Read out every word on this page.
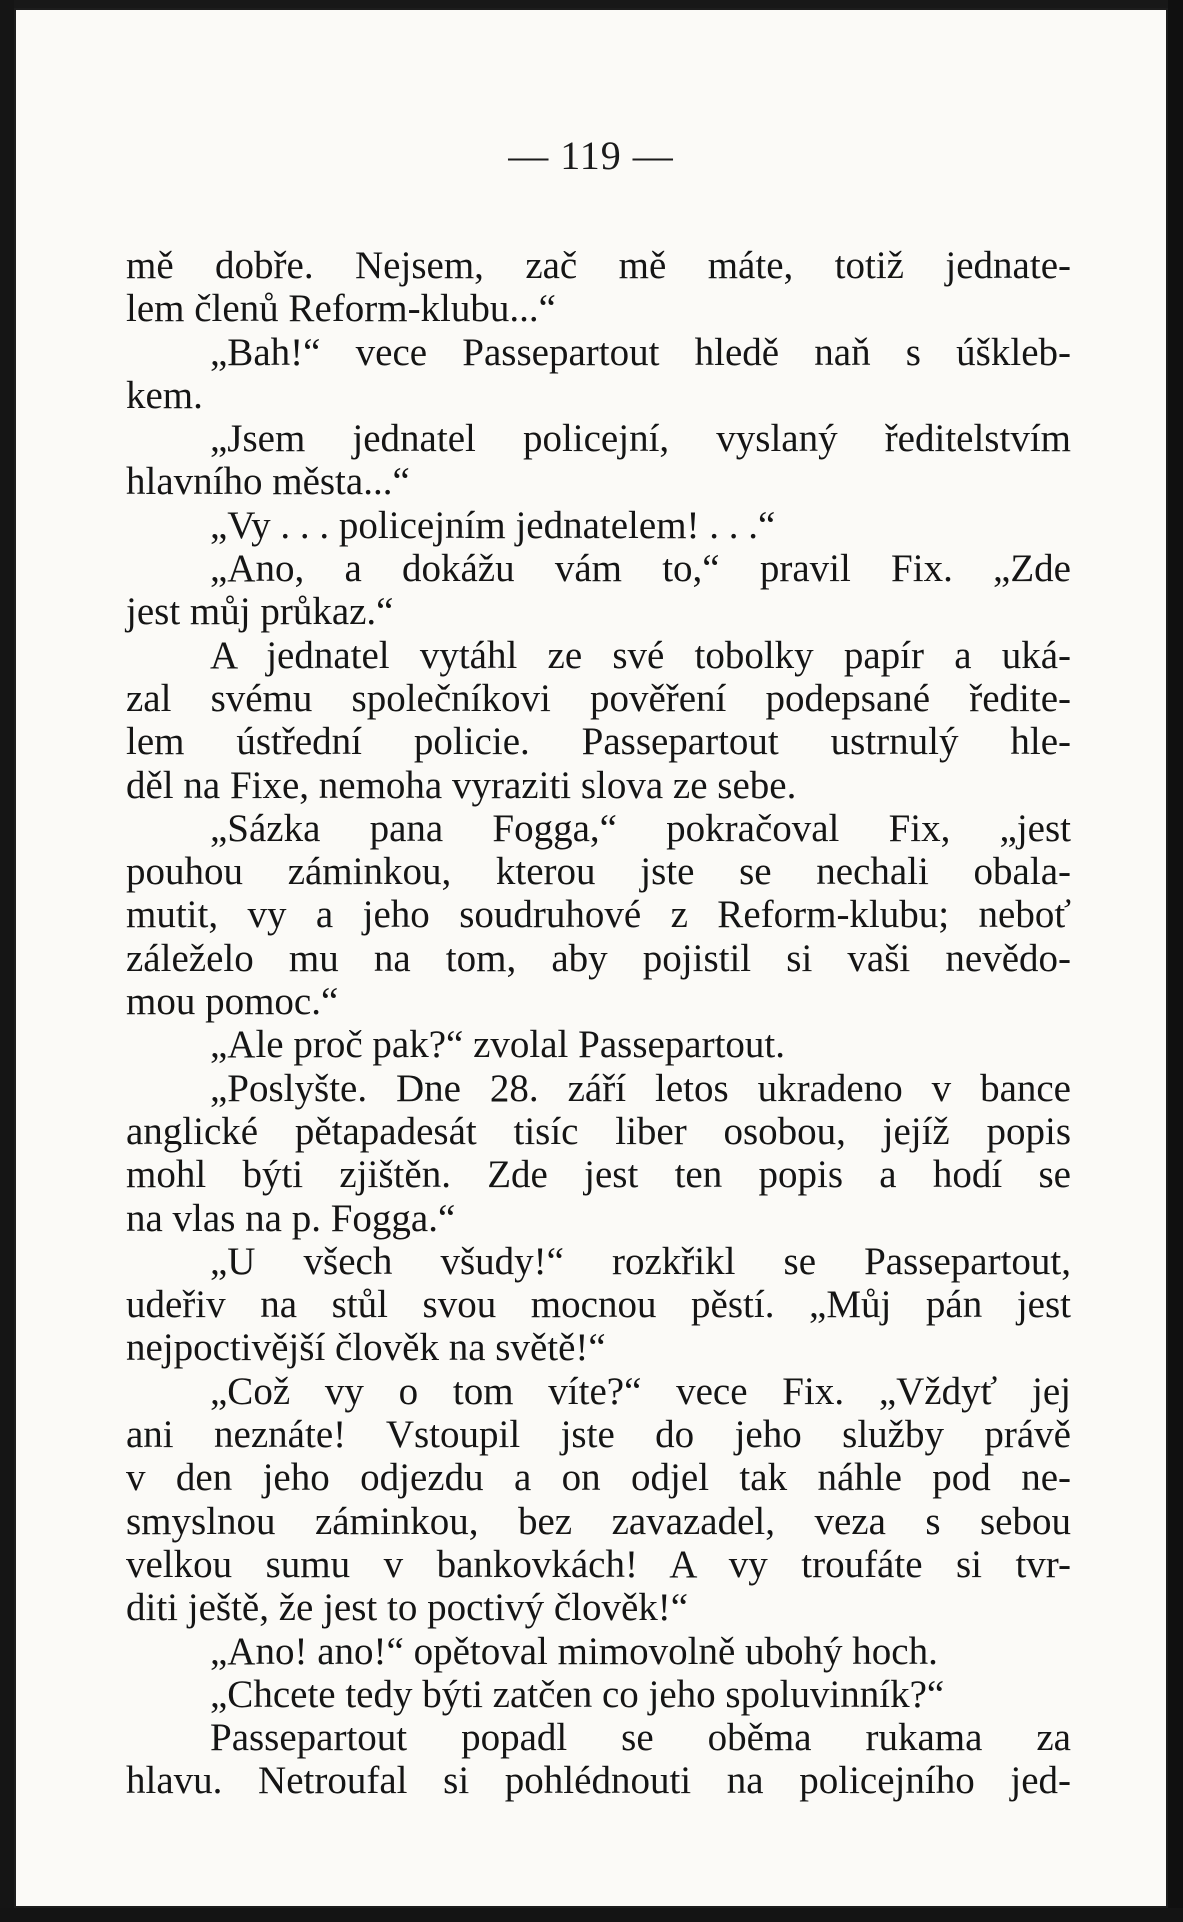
— 119 —
mě dobře. Nejsem, zač mě máte, totiž jednate-
lem členů Reform-klubu...“
„Bah!“ vece Passepartout hledě naň s úšklеb-
kem.
„Jsem jednatel policejní, vyslaný ředitelstvím
hlavního města...“
„Vy . . . policejním jednatelem! . . .“
„Ano, a dokážu vám to,“ pravil Fix. „Zde
jest můj průkaz.“
A jednatel vytáhl ze své tobolky papír a uká-
zal svému společníkovi pověření podepsané ředite-
lem ústřední policie. Passepartout ustrnulý hle-
děl na Fixe, nemoha vyraziti slova ze sebe.
„Sázka pana Fogga,“ pokračoval Fix, „jest
pouhou záminkou, kterou jste se nechali obala-
mutit, vy a jeho soudruhové z Reform-klubu; neboť
záleželo mu na tom, aby pojistil si vaši nevědo-
mou pomoc.“
„Ale proč pak?“ zvolal Passepartout.
„Poslyšte. Dne 28. září letos ukradeno v bance
anglické pětapadesát tisíc liber osobou, jejíž popis
mohl býti zjištěn. Zde jest ten popis a hodí se
na vlas na p. Fogga.“
„U všech všudy!“ rozkřikl se Passepartout,
udeřiv na stůl svou mocnou pěstí. „Můj pán jest
nejpoctivější člověk na světě!“
„Což vy o tom víte?“ vece Fix. „Vždyť jej
ani neznáte! Vstoupil jste do jeho služby právě
v den jeho odjezdu a on odjel tak náhle pod ne-
smyslnou záminkou, bez zavazadel, veza s sebou
velkou sumu v bankovkách! A vy troufáte si tvr-
diti ještě, že jest to poctivý člověk!“
„Ano! ano!“ opětoval mimovolně ubohý hoch.
„Chcete tedy býti zatčen co jeho spoluvinník?“
Passepartout popadl se oběma rukama za
hlavu. Netroufal si pohlédnouti na policejního jed-
